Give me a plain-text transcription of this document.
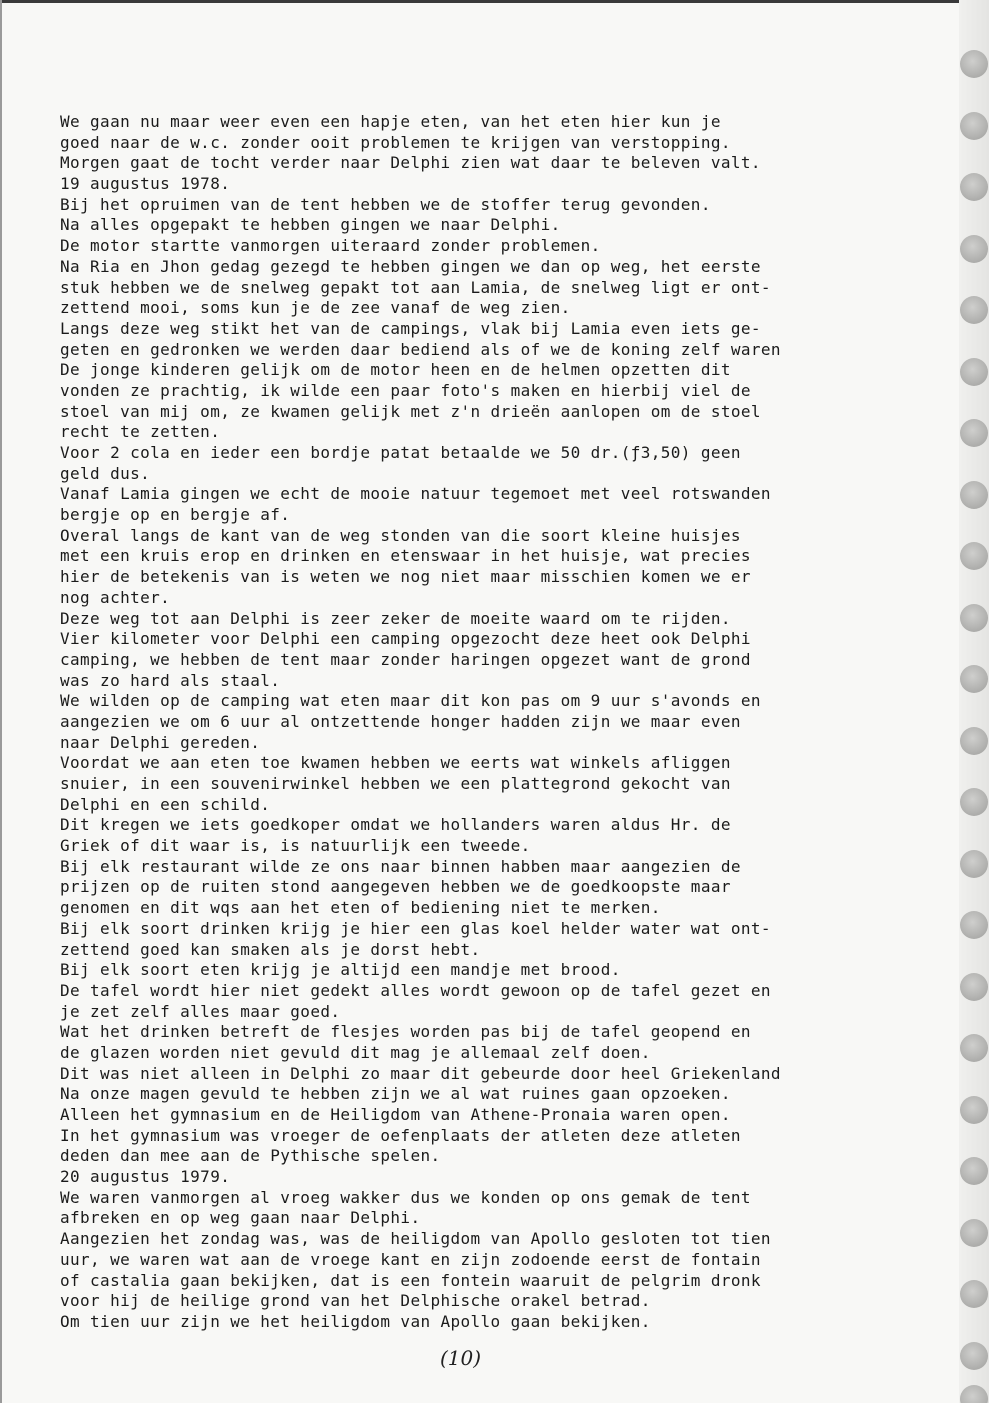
We gaan nu maar weer even een hapje eten, van het eten hier kun je
goed naar de w.c. zonder ooit problemen te krijgen van verstopping.
Morgen gaat de tocht verder naar Delphi zien wat daar te beleven valt.
19 augustus 1978.
Bij het opruimen van de tent hebben we de stoffer terug gevonden.
Na alles opgepakt te hebben gingen we naar Delphi.
De motor startte vanmorgen uiteraard zonder problemen.
Na Ria en Jhon gedag gezegd te hebben gingen we dan op weg, het eerste
stuk hebben we de snelweg gepakt tot aan Lamia, de snelweg ligt er ont-
zettend mooi, soms kun je de zee vanaf de weg zien.
Langs deze weg stikt het van de campings, vlak bij Lamia even iets ge-
geten en gedronken we werden daar bediend als of we de koning zelf waren
De jonge kinderen gelijk om de motor heen en de helmen opzetten dit
vonden ze prachtig, ik wilde een paar foto's maken en hierbij viel de
stoel van mij om, ze kwamen gelijk met z'n drieën aanlopen om de stoel
recht te zetten.
Voor 2 cola en ieder een bordje patat betaalde we 50 dr.(ƒ3,50) geen
geld dus.
Vanaf Lamia gingen we echt de mooie natuur tegemoet met veel rotswanden
bergje op en bergje af.
Overal langs de kant van de weg stonden van die soort kleine huisjes
met een kruis erop en drinken en etenswaar in het huisje, wat precies
hier de betekenis van is weten we nog niet maar misschien komen we er
nog achter.
Deze weg tot aan Delphi is zeer zeker de moeite waard om te rijden.
Vier kilometer voor Delphi een camping opgezocht deze heet ook Delphi
camping, we hebben de tent maar zonder haringen opgezet want de grond
was zo hard als staal.
We wilden op de camping wat eten maar dit kon pas om 9 uur s'avonds en
aangezien we om 6 uur al ontzettende honger hadden zijn we maar even
naar Delphi gereden.
Voordat we aan eten toe kwamen hebben we eerts wat winkels afliggen
snuier, in een souvenirwinkel hebben we een plattegrond gekocht van
Delphi en een schild.
Dit kregen we iets goedkoper omdat we hollanders waren aldus Hr. de
Griek of dit waar is, is natuurlijk een tweede.
Bij elk restaurant wilde ze ons naar binnen habben maar aangezien de
prijzen op de ruiten stond aangegeven hebben we de goedkoopste maar
genomen en dit wqs aan het eten of bediening niet te merken.
Bij elk soort drinken krijg je hier een glas koel helder water wat ont-
zettend goed kan smaken als je dorst hebt.
Bij elk soort eten krijg je altijd een mandje met brood.
De tafel wordt hier niet gedekt alles wordt gewoon op de tafel gezet en
je zet zelf alles maar goed.
Wat het drinken betreft de flesjes worden pas bij de tafel geopend en
de glazen worden niet gevuld dit mag je allemaal zelf doen.
Dit was niet alleen in Delphi zo maar dit gebeurde door heel Griekenland
Na onze magen gevuld te hebben zijn we al wat ruines gaan opzoeken.
Alleen het gymnasium en de Heiligdom van Athene-Pronaia waren open.
In het gymnasium was vroeger de oefenplaats der atleten deze atleten
deden dan mee aan de Pythische spelen.
20 augustus 1979.
We waren vanmorgen al vroeg wakker dus we konden op ons gemak de tent
afbreken en op weg gaan naar Delphi.
Aangezien het zondag was, was de heiligdom van Apollo gesloten tot tien
uur, we waren wat aan de vroege kant en zijn zodoende eerst de fontain
of castalia gaan bekijken, dat is een fontein waaruit de pelgrim dronk
voor hij de heilige grond van het Delphische orakel betrad.
Om tien uur zijn we het heiligdom van Apollo gaan bekijken.
(10)
